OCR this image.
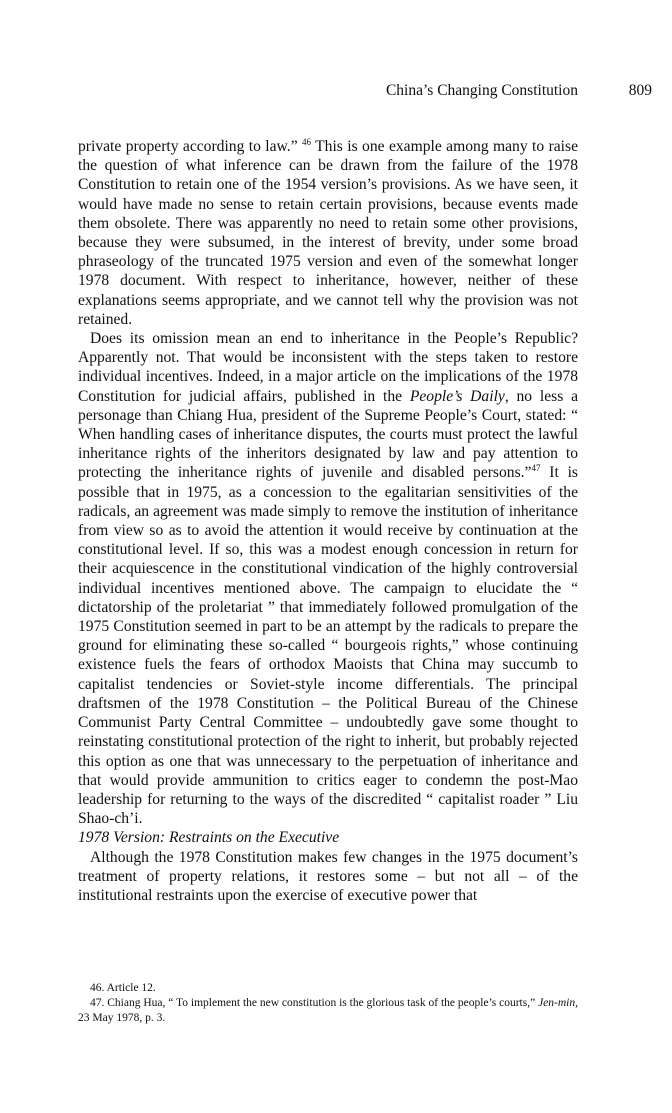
China’s Changing Constitution	809

private property according to law.” $^{46}$ This is one example among many to raise the question of what inference can be drawn from the failure of the 1978 Constitution to retain one of the 1954 version’s provisions. As we have seen, it would have made no sense to retain certain provisions, because events made them obsolete. There was apparently no need to retain some other provisions, because they were subsumed, in the interest of brevity, under some broad phraseology of the truncated 1975 version and even of the somewhat longer 1978 document. With respect to inheritance, however, neither of these explanations seems appropriate, and we cannot tell why the provision was not retained.

Does its omission mean an end to inheritance in the People’s Republic? Apparently not. That would be inconsistent with the steps taken to restore individual incentives. Indeed, in a major article on the implications of the 1978 Constitution for judicial affairs, published in the People’s Daily, no less a personage than Chiang Hua, president of the Supreme People’s Court, stated: “ When handling cases of inheritance disputes, the courts must protect the lawful inheritance rights of the inheritors designated by law and pay attention to protecting the inheritance rights of juvenile and disabled persons.”$^{47}$ It is possible that in 1975, as a concession to the egalitarian sensitivities of the radicals, an agreement was made simply to remove the institution of inheritance from view so as to avoid the attention it would receive by continuation at the constitutional level. If so, this was a modest enough concession in return for their acquiescence in the constitutional vindication of the highly controversial individual incentives mentioned above. The campaign to elucidate the “ dictatorship of the proletariat ” that immediately followed promulgation of the 1975 Constitution seemed in part to be an attempt by the radicals to prepare the ground for eliminating these so-called “ bourgeois rights,” whose continuing existence fuels the fears of orthodox Maoists that China may succumb to capitalist tendencies or Soviet-style income differentials. The principal draftsmen of the 1978 Constitution – the Political Bureau of the Chinese Communist Party Central Committee – undoubtedly gave some thought to reinstating constitutional protection of the right to inherit, but probably rejected this option as one that was unnecessary to the perpetuation of inheritance and that would provide ammunition to critics eager to condemn the post-Mao leadership for returning to the ways of the discredited “ capitalist roader ” Liu Shao-ch’i.

1978 Version: Restraints on the Executive

Although the 1978 Constitution makes few changes in the 1975 document’s treatment of property relations, it restores some – but not all – of the institutional restraints upon the exercise of executive power that

46. Article 12.

47. Chiang Hua, “ To implement the new constitution is the glorious task of the people’s courts,” Jen-min, 23 May 1978, p. 3.
